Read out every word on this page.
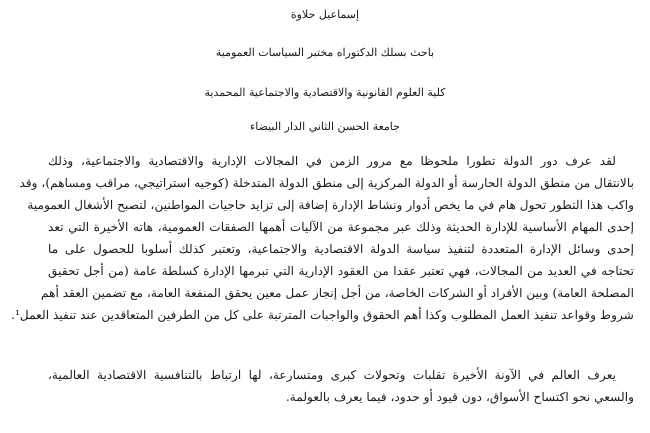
إسماعيل حلاوة
باحث بسلك الدكتوراه مختبر السياسات العمومية
كلية العلوم القانونية والاقتصادية والاجتماعية المحمدية
جامعة الحسن الثاني الدار البيضاء
لقد عرف دور الدولة تطورا ملحوظا مع مرور الزمن في المجالات الإدارية والاقتصادية والاجتماعية، وذلك
بالانتقال من منطق الدولة الحارسة أو الدولة المركزية إلى منطق الدولة المتدخلة (كوجيه استراتيجي، مراقب ومساهم)، وقد
واكب هذا التطور تحول هام في ما يخص أدوار ونشاط الإدارة إضافة إلى تزايد حاجيات المواطنين، لتصبح الأشغال العمومية
إحدى المهام الأساسية للإدارة الحديثة وذلك عبر مجموعة من الآليات أهمها الصفقات العمومية، هاته الأخيرة التي تعد
إحدى وسائل الإدارة المتعددة لتنفيذ سياسة الدولة الاقتصادية والاجتماعية، وتعتبر كذلك أسلوبا للحصول على ما
تحتاجه في العديد من المجالات، فهي تعتبر عقدا من العقود الإدارية التي تبرمها الإدارة كسلطة عامة (من أجل تحقيق
المصلحة العامة) وبين الأفراد أو الشركات الخاصة، من أجل إنجاز عمل معين يحقق المنفعة العامة، مع تضمين العقد أهم
شروط وقواعد تنفيذ العمل المطلوب وكذا أهم الحقوق والواجبات المترتبة على كل من الطرفين المتعاقدين عند تنفيذ العمل¹.
يعرف العالم في الآونة الأخيرة تقلبات وتحولات كبرى ومتسارعة، لها ارتباط بالتنافسية الاقتصادية العالمية،
والسعي نحو اكتساح الأسواق، دون قيود أو حدود، فيما يعرف بالعولمة.
